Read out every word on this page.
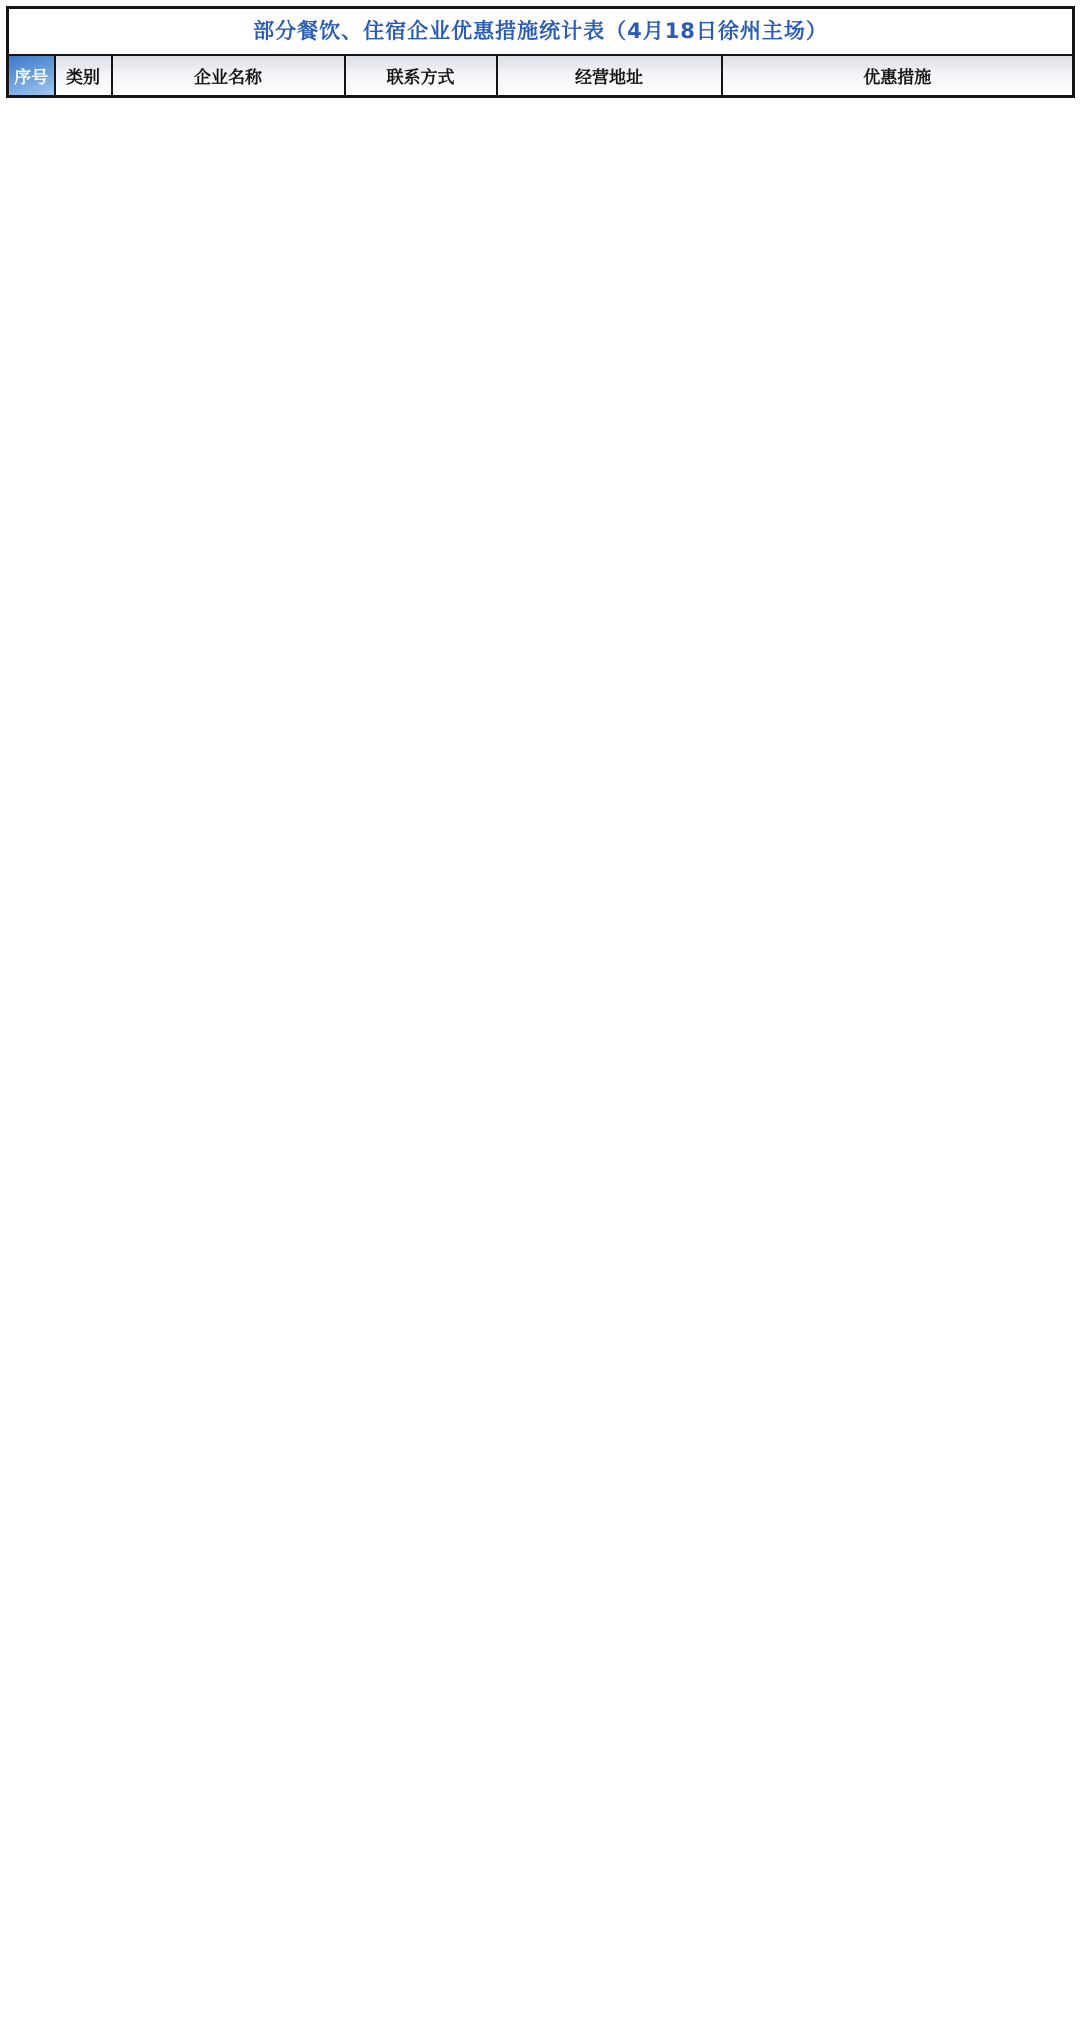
部分餐饮、住宿企业优惠措施统计表（4月18日徐州主场）
序号	类别	企业名称	联系方式	经营地址	优惠措施
